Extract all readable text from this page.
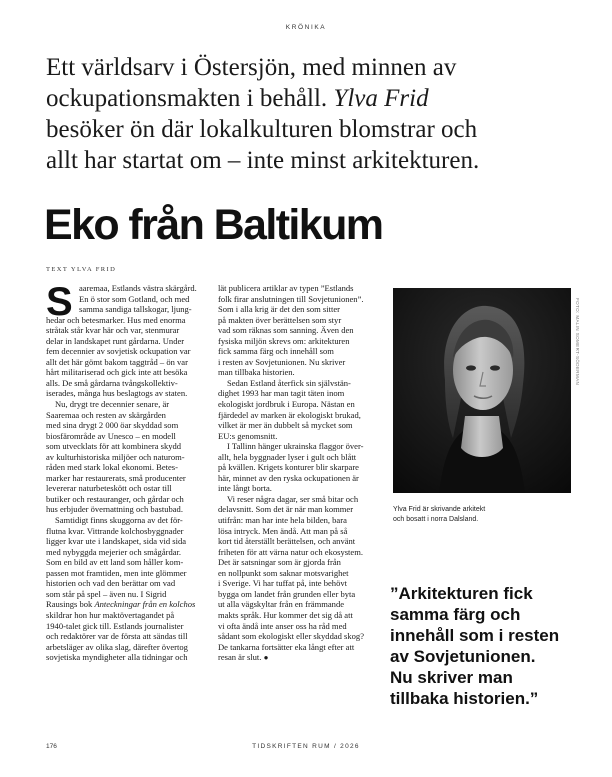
KRÖNIKA
Ett världsarv i Östersjön, med minnen av
ockupationsmakten i behåll. Ylva Frid
besöker ön där lokalkulturen blomstrar och
allt har startat om – inte minst arkitekturen.
Eko från Baltikum
TEXT YLVA FRID
S aaremaa, Estlands västra skärgård.
En ö stor som Gotland, och med
samma sandiga tallskogar, ljung-
hedar och betesmarker. Hus med enorma
stråtak står kvar här och var, stenmurar
delar in landskapet runt gårdarna. Under
fem decennier av sovjetisk ockupation var
allt det här gömt bakom taggtråd – ön var
hårt militariserad och gick inte att besöka
alls. De små gårdarna tvångskollektiv-
iserades, många hus beslagtogs av staten.
Nu, drygt tre decennier senare, är
Saaremaa och resten av skärgården
med sina drygt 2 000 öar skyddad som
biosfärområde av Unesco – en modell
som utvecklats för att kombinera skydd
av kulturhistoriska miljöer och naturom-
råden med stark lokal ekonomi. Betes-
marker har restaurerats, små producenter
levererar naturbeteskött och ostar till
butiker och restauranger, och gårdar och
hus erbjuder övernattning och bastubad.
Samtidigt finns skuggorna av det för-
flutna kvar. Vittrande kolchosbyggnader
ligger kvar ute i landskapet, sida vid sida
med nybyggda mejerier och smågårdar.
Som en bild av ett land som håller kom-
passen mot framtiden, men inte glömmer
historien och vad den berättar om vad
som står på spel – även nu. I Sigrid
Rausings bok Anteckningar från en kolchos
skildrar hon hur maktövertagandet på
1940-talet gick till. Estlands journalister
och redaktörer var de första att sändas till
arbetsläger av olika slag, därefter övertog
sovjetiska myndigheter alla tidningar och
lät publicera artiklar av typen ”Estlands
folk firar anslutningen till Sovjetunionen”.
Som i alla krig är det den som sitter
på makten över berättelsen som styr
vad som räknas som sanning. Även den
fysiska miljön skrevs om: arkitekturen
fick samma färg och innehåll som
i resten av Sovjetunionen. Nu skriver
man tillbaka historien.
Sedan Estland återfick sin självstän-
dighet 1993 har man tagit täten inom
ekologiskt jordbruk i Europa. Nästan en
fjärdedel av marken är ekologiskt brukad,
vilket är mer än dubbelt så mycket som
EU:s genomsnitt.
I Tallinn hänger ukrainska flaggor över-
allt, hela byggnader lyser i gult och blått
på kvällen. Krigets konturer blir skarpare
här, minnet av den ryska ockupationen är
inte långt borta.
Vi reser några dagar, ser små bitar och
delavsnitt. Som det är när man kommer
utifrån: man har inte hela bilden, bara
lösa intryck. Men ändå. Att man på så
kort tid återställt berättelsen, och använt
friheten för att värna natur och ekosystem.
Det är satsningar som är gjorda från
en nollpunkt som saknar motsvarighet
i Sverige. Vi har tuffat på, inte behövt
bygga om landet från grunden eller byta
ut alla vägskyltar från en främmande
makts språk. Hur kommer det sig då att
vi ofta ändå inte anser oss ha råd med
sådant som ekologiskt eller skyddad skog?
De tankarna fortsätter eka långt efter att
resan är slut. ●
FOTO: MALIN SOMERT-SÖDERMAN
Ylva Frid är skrivande arkitekt
och bosatt i norra Dalsland.
”Arkitekturen fick
samma färg och
innehåll som i resten
av Sovjetunionen.
Nu skriver man
tillbaka historien.”
176	TIDSKRIFTEN RUM / 2026
